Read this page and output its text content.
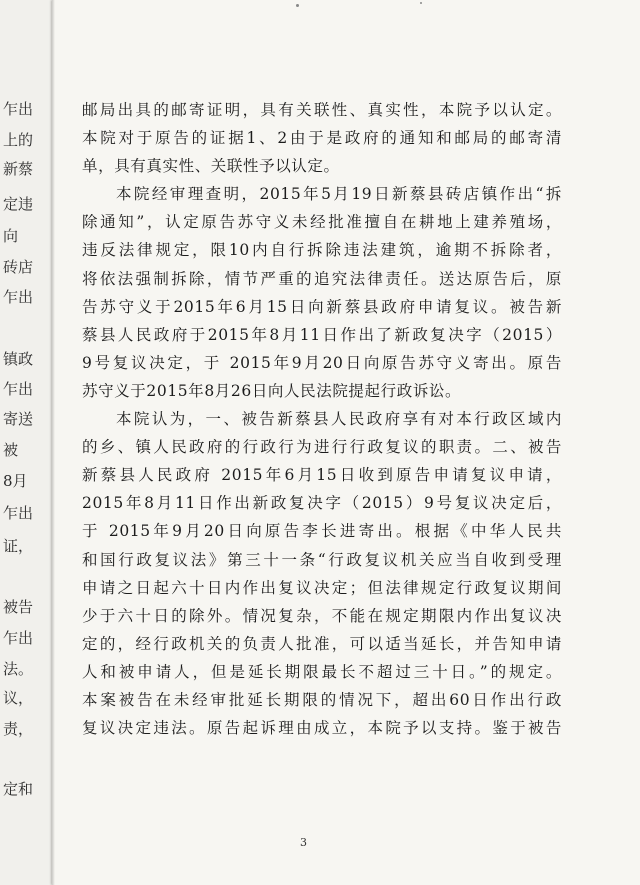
乍出
上的
新蔡
定违
向
砖店
乍出
镇政
乍出
寄送
被
8月
乍出
证，
被告
乍出
法。
议，
责，
定和
邮局出具的邮寄证明，具有关联性、真实性，本院予以认定。
本院对于原告的证据1、2由于是政府的通知和邮局的邮寄清
单，具有真实性、关联性予以认定。
本院经审理查明，2015年5月19日新蔡县砖店镇作出“拆
除通知”，认定原告苏守义未经批准擅自在耕地上建养殖场，
违反法律规定，限10内自行拆除违法建筑，逾期不拆除者，
将依法强制拆除，情节严重的追究法律责任。送达原告后，原
告苏守义于2015年6月15日向新蔡县政府申请复议。被告新
蔡县人民政府于2015年8月11日作出了新政复决字（2015）
9号复议决定，于 2015年9月20日向原告苏守义寄出。原告
苏守义于2015年8月26日向人民法院提起行政诉讼。
本院认为，一、被告新蔡县人民政府享有对本行政区域内
的乡、镇人民政府的行政行为进行行政复议的职责。二、被告
新蔡县人民政府 2015年6月15日收到原告申请复议申请，
2015年8月11日作出新政复决字（2015）9号复议决定后，
于 2015年9月20日向原告李长进寄出。根据《中华人民共
和国行政复议法》第三十一条“行政复议机关应当自收到受理
申请之日起六十日内作出复议决定；但法律规定行政复议期间
少于六十日的除外。情况复杂，不能在规定期限内作出复议决
定的，经行政机关的负责人批准，可以适当延长，并告知申请
人和被申请人，但是延长期限最长不超过三十日。”的规定。
本案被告在未经审批延长期限的情况下，超出60日作出行政
复议决定违法。原告起诉理由成立，本院予以支持。鉴于被告
3
